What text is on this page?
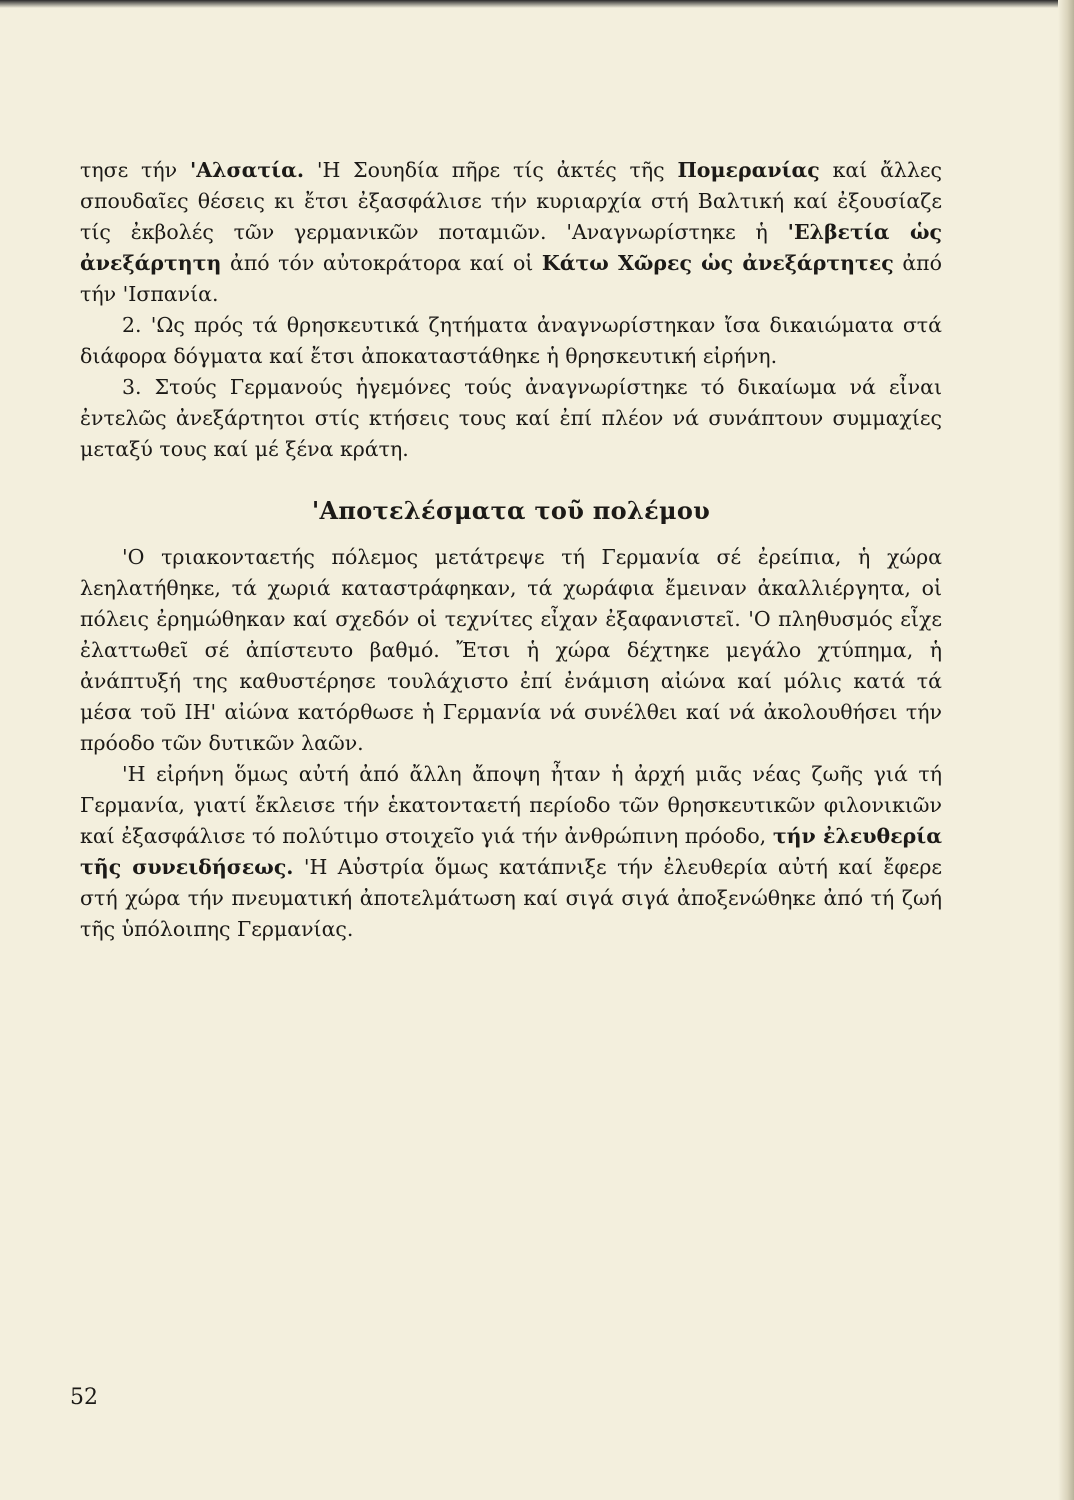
τησε τήν 'Αλσατία. 'Η Σουηδία πῆρε τίς ἀκτές τῆς Πομερανίας καί ἄλλες σπουδαῖες θέσεις κι ἔτσι ἐξασφάλισε τήν κυριαρχία στή Βαλτική καί ἐξουσίαζε τίς ἐκβολές τῶν γερμανικῶν ποταμιῶν. 'Αναγνωρίστηκε ἡ 'Ελβετία ὡς ἀνεξάρτητη ἀπό τόν αὐτοκράτορα καί οἱ Κάτω Χῶρες ὡς ἀνεξάρτητες ἀπό τήν 'Ισπανία.

2. 'Ως πρός τά θρησκευτικά ζητήματα ἀναγνωρίστηκαν ἴσα δικαιώματα στά διάφορα δόγματα καί ἔτσι ἀποκαταστάθηκε ἡ θρησκευτική εἰρήνη.

3. Στούς Γερμανούς ἡγεμόνες τούς ἀναγνωρίστηκε τό δικαίωμα νά εἶναι ἐντελῶς ἀνεξάρτητοι στίς κτήσεις τους καί ἐπί πλέον νά συνάπτουν συμμαχίες μεταξύ τους καί μέ ξένα κράτη.

'Αποτελέσματα τοῦ πολέμου

'Ο τριακονταετής πόλεμος μετάτρεψε τή Γερμανία σέ ἐρείπια, ἡ χώρα λεηλατήθηκε, τά χωριά καταστράφηκαν, τά χωράφια ἔμειναν ἀκαλλιέργητα, οἱ πόλεις ἐρημώθηκαν καί σχεδόν οἱ τεχνίτες εἶχαν ἐξαφανιστεῖ. 'Ο πληθυσμός εἶχε ἐλαττωθεῖ σέ ἀπίστευτο βαθμό. Ἔτσι ἡ χώρα δέχτηκε μεγάλο χτύπημα, ἡ ἀνάπτυξή της καθυστέρησε τουλάχιστο ἐπί ἐνάμιση αἰώνα καί μόλις κατά τά μέσα τοῦ ΙΗ' αἰώνα κατόρθωσε ἡ Γερμανία νά συνέλθει καί νά ἀκολουθήσει τήν πρόοδο τῶν δυτικῶν λαῶν.

'Η εἰρήνη ὅμως αὐτή ἀπό ἄλλη ἄποψη ἦταν ἡ ἀρχή μιᾶς νέας ζωῆς γιά τή Γερμανία, γιατί ἔκλεισε τήν ἑκατονταετή περίοδο τῶν θρησκευτικῶν φιλονικιῶν καί ἐξασφάλισε τό πολύτιμο στοιχεῖο γιά τήν ἀνθρώπινη πρόοδο, τήν ἐλευθερία τῆς συνειδήσεως. 'Η Αὐστρία ὅμως κατάπνιξε τήν ἐλευθερία αὐτή καί ἔφερε στή χώρα τήν πνευματική ἀποτελμάτωση καί σιγά σιγά ἀποξενώθηκε ἀπό τή ζωή τῆς ὑπόλοιπης Γερμανίας.

52
